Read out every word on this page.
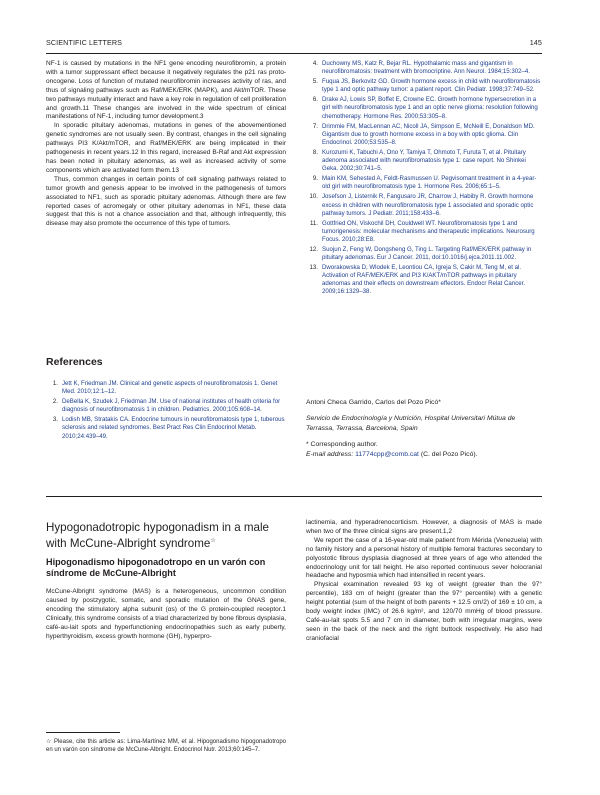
SCIENTIFIC LETTERS	145

NF-1 is caused by mutations in the NF1 gene encoding neurofibromin, a protein with a tumor suppressant effect because it negatively regulates the p21 ras proto-oncogene. Loss of function of mutated neurofibromin increases activity of ras, and thus of signaling pathways such as Raf/MEK/ERK (MAPK), and Akt/mTOR. These two pathways mutually interact and have a key role in regulation of cell proliferation and growth.11 These changes are involved in the wide spectrum of clinical manifestations of NF-1, including tumor development.3

In sporadic pituitary adenomas, mutations in genes of the abovementioned genetic syndromes are not usually seen. By contrast, changes in the cell signaling pathways PI3 K/Akt/mTOR, and Raf/MEK/ERK are being implicated in their pathogenesis in recent years.12 In this regard, increased B-Raf and Akt expression has been noted in pituitary adenomas, as well as increased activity of some components which are activated form them.13

Thus, common changes in certain points of cell signaling pathways related to tumor growth and genesis appear to be involved in the pathogenesis of tumors associated to NF1, such as sporadic pituitary adenomas. Although there are few reported cases of acromegaly or other pituitary adenomas in NF1, these data suggest that this is not a chance association and that, although infrequently, this disease may also promote the occurrence of this type of tumors.

References
1. Jett K, Friedman JM. Clinical and genetic aspects of neurofibromatosis 1. Genet Med. 2010;12:1–12.
2. DeBella K, Szudek J, Friedman JM. Use of national institutes of health criteria for diagnosis of neurofibromatosis 1 in children. Pediatrics. 2000;105:608–14.
3. Lodish MB, Stratakis CA. Endocrine tumours in neurofibromatosis type 1, tuberous sclerosis and related syndromes. Best Pract Res Clin Endocrinol Metab. 2010;24:439–49.
4. Duchowny MS, Katz R, Bejar RL. Hypothalamic mass and gigantism in neurofibromatosis: treatment with bromocriptine. Ann Neurol. 1984;15:302–4.
5. Fuqua JS, Berkovitz GD. Growth hormone excess in child with neurofibromatosis type 1 and optic pathway tumor: a patient report. Clin Pediatr. 1998;37:749–52.
6. Drake AJ, Lowis SP, Boffet E, Crowne EC. Growth hormone hypersecretion in a girl with neurofibromatosis type 1 and an optic nerve glioma: resolution following chemotherapy. Hormone Res. 2000;53:305–8.
7. Drimmie FM, MacLennan AC, Nicoll JA, Simpson E, McNeill E, Donaldson MD. Gigantism due to growth hormone excess in a boy with optic glioma. Clin Endocrinol. 2000;53:535–8.
8. Kurozumi K, Tabuchi A, Ono Y, Tamiya T, Ohmoto T, Furuta T, et al. Pituitary adenoma associated with neurofibromatosis type 1: case report. No Shinkei Geka. 2002;30:741–5.
9. Main KM, Sehested A, Feldt-Rasmussen U. Pegvisomant treatment in a 4-year-old girl with neurofibromatosis type 1. Hormone Res. 2006;65:1–5.
10. Josefson J, Listernik R, Fangusaro JR, Charrow J, Habiby R. Growth hormone excess in children with neurofibromatosis type 1 associated and sporadic optic pathway tumors. J Pediatr. 2011;158:433–6.
11. Gottfried ON, Viskochil DH, Couldwell WT. Neurofibromatosis type 1 and tumorigenesis: molecular mechanisms and therapeutic implications. Neurosurg Focus. 2010;28:E8.
12. Suojun Z, Feng W, Dongsheng G, Ting L. Targeting Raf/MEK/ERK pathway in pituitary adenomas. Eur J Cancer. 2011, doi:10.1016/j.ejca.2011.11.002.
13. Dworakowska D, Wlodek E, Leontiou CA, Igreja S, Cakir M, Teng M, et al. Activation of RAF/MEK/ERK and PI3 K/AKT/mTOR pathways in pituitary adenomas and their effects on downstream effectors. Endocr Relat Cancer. 2009;16:1329–38.

Antoni Checa Garrido, Carlos del Pozo Picó*

Servicio de Endocrinología y Nutrición, Hospital Universitari Mútua de Terrassa, Terrassa, Barcelona, Spain

* Corresponding author.

E-mail address: 11774cpp@comb.cat (C. del Pozo Picó).

Hypogonadotropic hypogonadism in a male with McCune-Albright syndrome☆
Hipogonadismo hipogonadotropo en un varón con síndrome de McCune-Albright

McCune-Albright syndrome (MAS) is a heterogeneous, uncommon condition caused by postzygotic, somatic, and sporadic mutation of the GNAS gene, encoding the stimulatory alpha subunit (αs) of the G protein-coupled receptor.1 Clinically, this syndrome consists of a triad characterized by bone fibrous dysplasia, café-au-lait spots and hyperfunctioning endocrinopathies such as early puberty, hyperthyroidism, excess growth hormone (GH), hyperpro-

lactinemia, and hyperadrenocorticism. However, a diagnosis of MAS is made when two of the three clinical signs are present.1,2

We report the case of a 16-year-old male patient from Mérida (Venezuela) with no family history and a personal history of multiple femoral fractures secondary to polyostotic fibrous dysplasia diagnosed at three years of age who attended the endocrinology unit for tall height. He also reported continuous sever holocranial headache and hyposmia which had intensified in recent years.

Physical examination revealed 93 kg of weight (greater than the 97° percentile), 183 cm of height (greater than the 97° percentile) with a genetic height potential (sum of the height of both parents + 12.5 cm/2) of 169 ± 10 cm, a body weight index (IMC) of 26.6 kg/m², and 120/70 mmHg of blood pressure. Café-au-lait spots 5.5 and 7 cm in diameter, both with irregular margins, were seen in the back of the neck and the right buttock respectively. He also had craniofacial

☆ Please, cite this article as: Lima-Martínez MM, et al. Hipogonadismo hipogonadotropo en un varón con síndrome de McCune-Albright. Endocrinol Nutr. 2013;60:145–7.
